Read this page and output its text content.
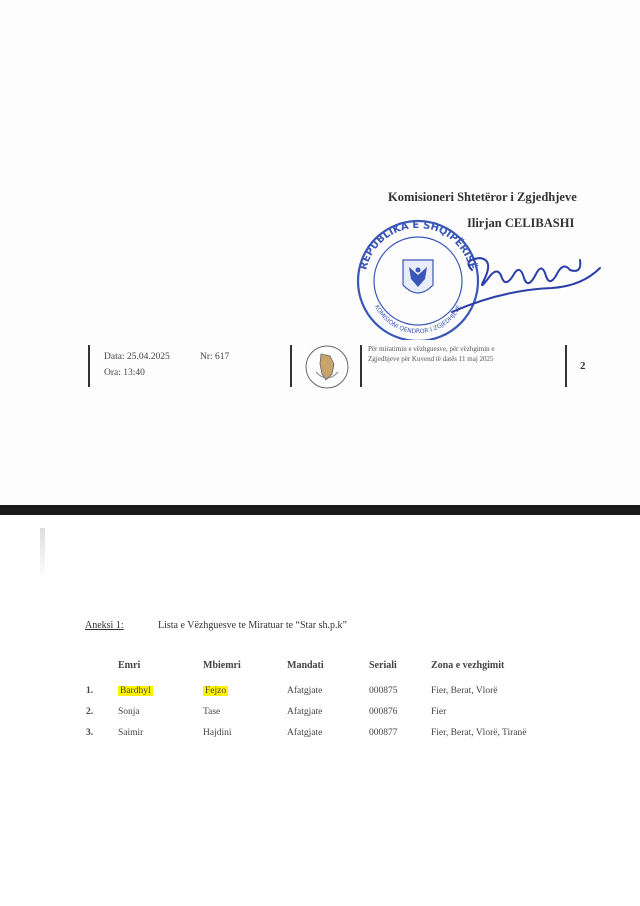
Komisioneri Shtetëror i Zgjedhjeve
Ilirjan CELIBASHI
REPUBLIKA E SHQIPËRISË
KOMISIONI QENDROR I ZGJEDHJEVE
Data: 25.04.2025
Ora: 13:40
Nr: 617
Për miratimin e vëzhguesve, për vëzhgimin e
Zgjedhjeve për Kuvend të datës 11 maj 2025
2
Aneksi 1:	Lista e Vëzhguesve te Miratuar te “Star sh.p.k”
Emri	Mbiemri	Mandati	Seriali	Zona e vezhgimit
1.	Bardhyl	Fejzo	Afatgjate	000875	Fier, Berat, Vlorë
2.	Sonja	Tase	Afatgjate	000876	Fier
3.	Saimir	Hajdini	Afatgjate	000877	Fier, Berat, Vlorë, Tiranë
